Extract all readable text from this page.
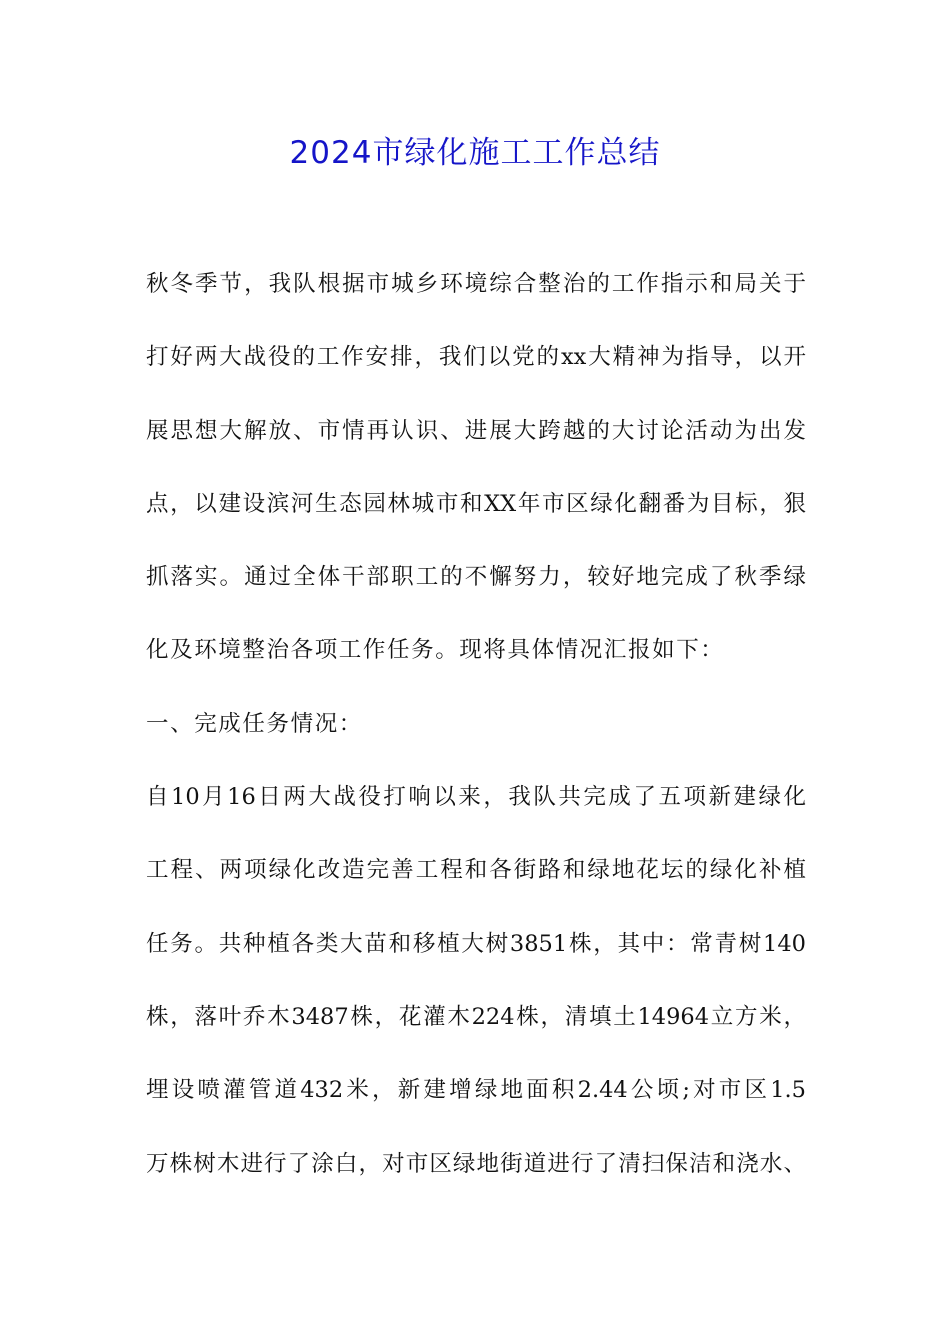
2024市绿化施工工作总结
秋冬季节，我队根据市城乡环境综合整治的工作指示和局关于
打好两大战役的工作安排，我们以党的xx大精神为指导，以开
展思想大解放、市情再认识、进展大跨越的大讨论活动为出发
点，以建设滨河生态园林城市和XX年市区绿化翻番为目标，狠
抓落实。通过全体干部职工的不懈努力，较好地完成了秋季绿
化及环境整治各项工作任务。现将具体情况汇报如下：
一、完成任务情况：
自10月16日两大战役打响以来，我队共完成了五项新建绿化
工程、两项绿化改造完善工程和各街路和绿地花坛的绿化补植
任务。共种植各类大苗和移植大树3851株，其中：常青树140
株，落叶乔木3487株，花灌木224株，清填土14964立方米，
埋设喷灌管道432米，新建增绿地面积2.44公顷;对市区1.5
万株树木进行了涂白，对市区绿地街道进行了清扫保洁和浇水、
